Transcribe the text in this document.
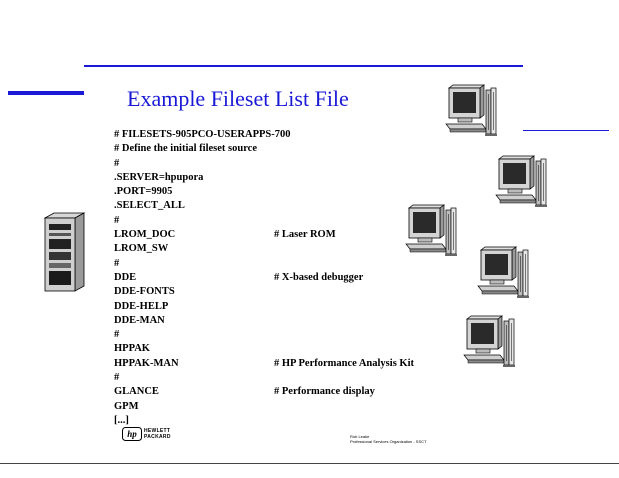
Example Fileset List File
# FILESETS-905PCO-USERAPPS-700
# Define the initial fileset source
#
.SERVER=hpupora
.PORT=9905
.SELECT_ALL
#
LROM_DOC	# Laser ROM
LROM_SW
#
DDE	# X-based debugger
DDE-FONTS
DDE-HELP
DDE-MAN
#
HPPAK
HPPAK-MAN	# HP Performance Analysis Kit
#
GLANCE	# Performance display
GPM
[...]
hp HEWLETT
PACKARD	Rob Leake
Professional Services Organization - SSCT
